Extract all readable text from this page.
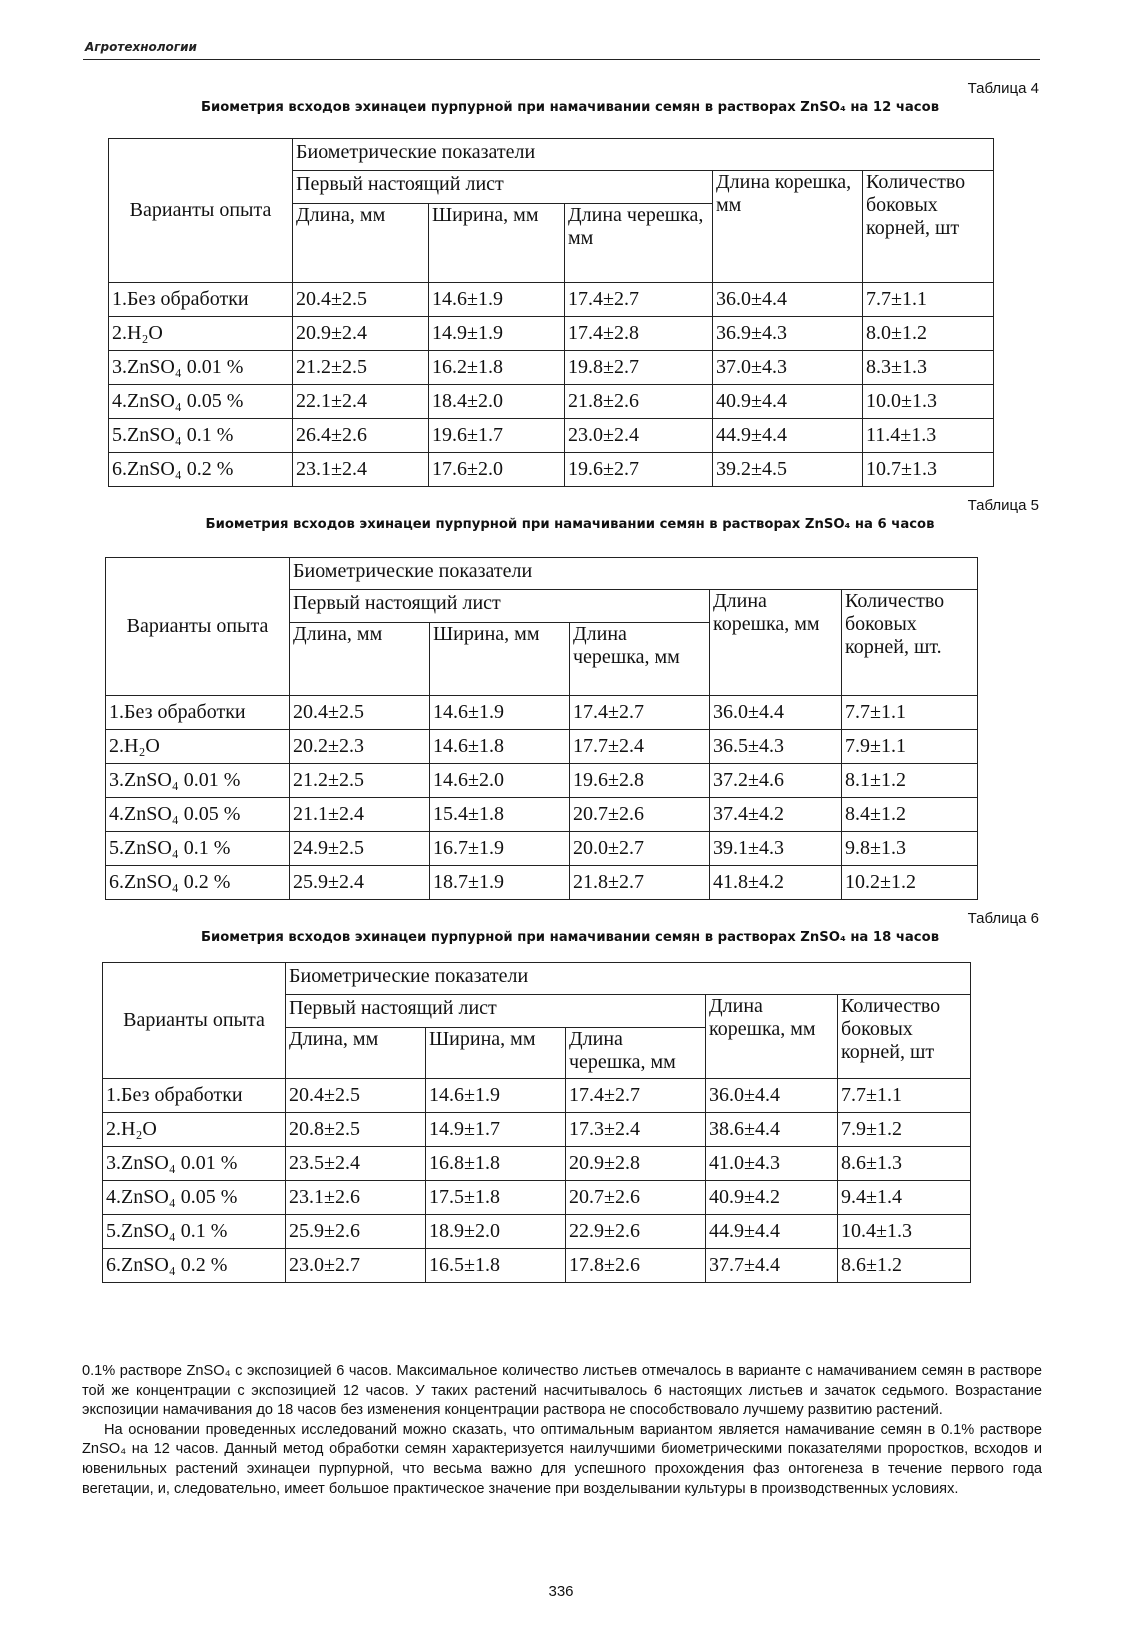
Агротехнологии
Таблица 4
Биометрия всходов эхинацеи пурпурной при намачивании семян в растворах ZnSO₄ на 12 часов
Варианты опыта	Биометрические показатели				
	Первый настоящий лист			Длина корешка, мм	Количество боковых корней, шт
	Длина, мм	Ширина, мм	Длина черешка, мм		
1.Без обработки	20.4±2.5	14.6±1.9	17.4±2.7	36.0±4.4	7.7±1.1
2.H₂O	20.9±2.4	14.9±1.9	17.4±2.8	36.9±4.3	8.0±1.2
3.ZnSO₄ 0.01 %	21.2±2.5	16.2±1.8	19.8±2.7	37.0±4.3	8.3±1.3
4.ZnSO₄ 0.05 %	22.1±2.4	18.4±2.0	21.8±2.6	40.9±4.4	10.0±1.3
5.ZnSO₄ 0.1 %	26.4±2.6	19.6±1.7	23.0±2.4	44.9±4.4	11.4±1.3
6.ZnSO₄ 0.2 %	23.1±2.4	17.6±2.0	19.6±2.7	39.2±4.5	10.7±1.3
Таблица 5
Биометрия всходов эхинацеи пурпурной при намачивании семян в растворах ZnSO₄ на 6 часов
Варианты опыта	Биометрические показатели				
	Первый настоящий лист			Длина корешка, мм	Количество боковых корней, шт.
	Длина, мм	Ширина, мм	Длина черешка, мм		
1.Без обработки	20.4±2.5	14.6±1.9	17.4±2.7	36.0±4.4	7.7±1.1
2.H₂O	20.2±2.3	14.6±1.8	17.7±2.4	36.5±4.3	7.9±1.1
3.ZnSO₄ 0.01 %	21.2±2.5	14.6±2.0	19.6±2.8	37.2±4.6	8.1±1.2
4.ZnSO₄ 0.05 %	21.1±2.4	15.4±1.8	20.7±2.6	37.4±4.2	8.4±1.2
5.ZnSO₄ 0.1 %	24.9±2.5	16.7±1.9	20.0±2.7	39.1±4.3	9.8±1.3
6.ZnSO₄ 0.2 %	25.9±2.4	18.7±1.9	21.8±2.7	41.8±4.2	10.2±1.2
Таблица 6
Биометрия всходов эхинацеи пурпурной при намачивании семян в растворах ZnSO₄ на 18 часов
Варианты опыта	Биометрические показатели				
	Первый настоящий лист			Длина корешка, мм	Количество боковых корней, шт
	Длина, мм	Ширина, мм	Длина черешка, мм		
1.Без обработки	20.4±2.5	14.6±1.9	17.4±2.7	36.0±4.4	7.7±1.1
2.H₂O	20.8±2.5	14.9±1.7	17.3±2.4	38.6±4.4	7.9±1.2
3.ZnSO₄ 0.01 %	23.5±2.4	16.8±1.8	20.9±2.8	41.0±4.3	8.6±1.3
4.ZnSO₄ 0.05 %	23.1±2.6	17.5±1.8	20.7±2.6	40.9±4.2	9.4±1.4
5.ZnSO₄ 0.1 %	25.9±2.6	18.9±2.0	22.9±2.6	44.9±4.4	10.4±1.3
6.ZnSO₄ 0.2 %	23.0±2.7	16.5±1.8	17.8±2.6	37.7±4.4	8.6±1.2

0.1% растворе ZnSO₄ с экспозицией 6 часов. Максимальное количество листьев отмечалось в варианте с намачиванием семян в растворе той же концентрации с экспозицией 12 часов. У таких растений насчитывалось 6 настоящих листьев и зачаток седьмого. Возрастание экспозиции намачивания до 18 часов без изменения концентрации раствора не способствовало лучшему развитию растений.

На основании проведенных исследований можно сказать, что оптимальным вариантом является намачивание семян в 0.1% растворе ZnSO₄ на 12 часов. Данный метод обработки семян характеризуется наилучшими биометрическими показателями проростков, всходов и ювенильных растений эхинацеи пурпурной, что весьма важно для успешного прохождения фаз онтогенеза в течение первого года вегетации, и, следовательно, имеет большое практическое значение при возделывании культуры в производственных условиях.

336
